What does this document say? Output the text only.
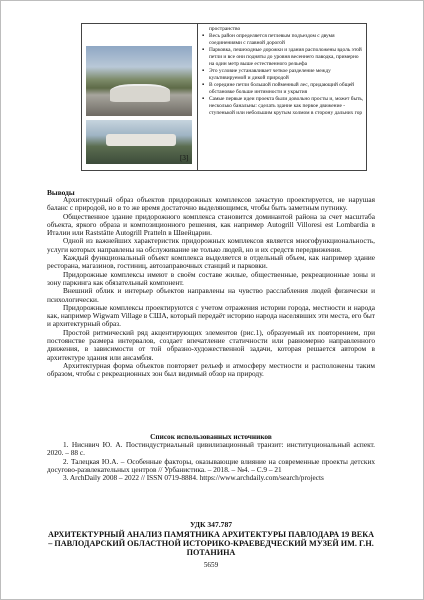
[3]
пространство
▪ Весь район определяется петлевым подъездом с двумя соединениями с главной дорогой
▪ Парковка, пешеходные дорожки и здания расположены вдоль этой петли и все они подняты до уровня весеннего паводка, примерно на один метр выше естественного рельефа
▪ Это условие устанавливает четкое разделение между культивируемой и дикой природой
▪ В середине петли большой пойменный лес, придающий общей обстановке больше интимности и укрытия
▪ Самые первые идеи проекта были довольно просты и, может быть, несколько банальны: сделать здание как первое движение - ступенькой или небольшим крутым холмом в сторону дальних гор
Выводы

Архитектурный образ объектов придорожных комплексов зачастую проектируется, не нарушая баланс с природой, но в то же время достаточно выделяющимся, чтобы быть заметным путнику.

Общественное здание придорожного комплекса становится доминантой района за счет масштаба объекта, яркого образа и композиционного решения, как например Autogrill Villoresi est Lombardia в Италии или Raststätte Autogrill Pratteln в Швейцарии.

Одной из важнейших характеристик придорожных комплексов является многофункциональность, услуги которых направлены на обслуживание не только людей, но и их средств передвижения.

Каждый функциональный объект комплекса выделяется в отдельный объем, как например здание ресторана, магазинов, гостиниц, автозаправочных станций и парковки.

Придорожные комплексы имеют в своём составе жилые, общественные, рекреационные зоны и зону паркинга как обязательный компонент.

Внешний облик и интерьер объектов направлены на чувство расслабления людей физически и психологически.

Придорожные комплексы проектируются с учетом отражения истории города, местности и народа как, например Wigwam Village в США, который передаёт историю народа населявших эти места, его быт и архитектурный образ.

Простой ритмический ряд акцентирующих элементов (рис.1), образуемый их повторением, при постоянстве размера интервалов, создает впечатление статичности или равномерно направленного движения, в зависимости от той образно-художественной задачи, которая решается автором в архитектуре здания или ансамбля.

Архитектурная форма объектов повторяет рельеф и атмосферу местности и расположены таким образом, чтобы с рекреационных зон был видимый обзор на природу.

Список использованных источников

1. Ниснвич Ю. А. Постиндустриальный цивилизационный транзит: институциональный аспект. 2020. – 88 с.

2. Талецкая Ю.А. – Особенные факторы, оказывающие влияние на современные проекты детских досугово-развлекательных центров // Урбанистика. – 2018. – №4. – С.9 – 21

3. ArchDaily 2008 – 2022 // ISSN 0719-8884. https://www.archdaily.com/search/projects

УДК 347.787
АРХИТЕКТУРНЫЙ АНАЛИЗ ПАМЯТНИКА АРХИТЕКТУРЫ ПАВЛОДАРА 19 ВЕКА – ПАВЛОДАРСКИЙ ОБЛАСТНОЙ ИСТОРИКО-КРАЕВЕДЧЕСКИЙ МУЗЕЙ ИМ. Г.Н. ПОТАНИНА
5659
